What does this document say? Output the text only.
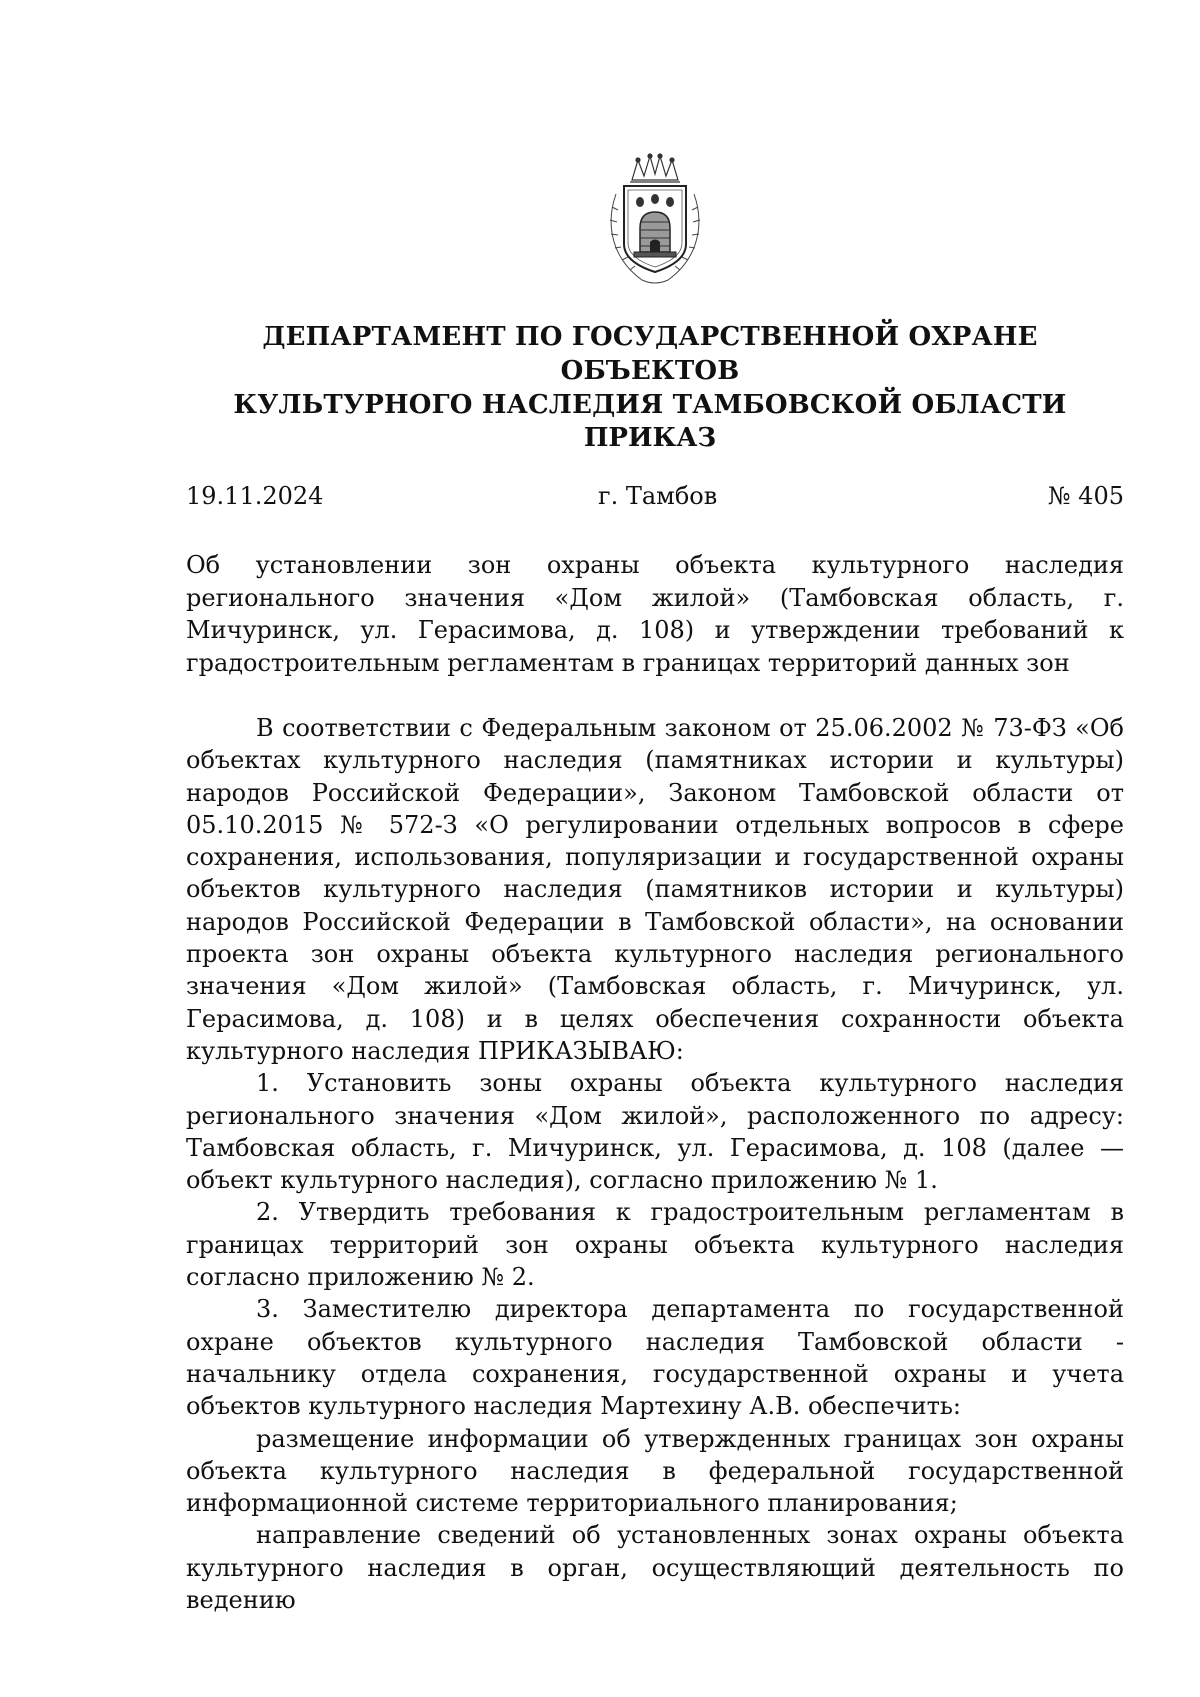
ДЕПАРТАМЕНТ ПО ГОСУДАРСТВЕННОЙ ОХРАНЕ ОБЪЕКТОВ
КУЛЬТУРНОГО НАСЛЕДИЯ ТАМБОВСКОЙ ОБЛАСТИ
ПРИКАЗ
19.11.2024	г. Тамбов	№ 405
Об установлении зон охраны объекта культурного наследия регионального значения «Дом жилой» (Тамбовская область, г. Мичуринск, ул. Герасимова, д. 108) и утверждении требований к градостроительным регламентам в границах территорий данных зон

В соответствии с Федеральным законом от 25.06.2002 № 73-ФЗ «Об объектах культурного наследия (памятниках истории и культуры) народов Российской Федерации», Законом Тамбовской области от 05.10.2015 № 572-З «О регулировании отдельных вопросов в сфере сохранения, использования, популяризации и государственной охраны объектов культурного наследия (памятников истории и культуры) народов Российской Федерации в Тамбовской области», на основании проекта зон охраны объекта культурного наследия регионального значения «Дом жилой» (Тамбовская область, г. Мичуринск, ул. Герасимова, д. 108) и в целях обеспечения сохранности объекта культурного наследия ПРИКАЗЫВАЮ:

1. Установить зоны охраны объекта культурного наследия регионального значения «Дом жилой», расположенного по адресу: Тамбовская область, г. Мичуринск, ул. Герасимова, д. 108 (далее — объект культурного наследия), согласно приложению № 1.

2. Утвердить требования к градостроительным регламентам в границах территорий зон охраны объекта культурного наследия согласно приложению № 2.

3. Заместителю директора департамента по государственной охране объектов культурного наследия Тамбовской области - начальнику отдела сохранения, государственной охраны и учета объектов культурного наследия Мартехину А.В. обеспечить:

размещение информации об утвержденных границах зон охраны объекта культурного наследия в федеральной государственной информационной системе территориального планирования;

направление сведений об установленных зонах охраны объекта культурного наследия в орган, осуществляющий деятельность по ведению
